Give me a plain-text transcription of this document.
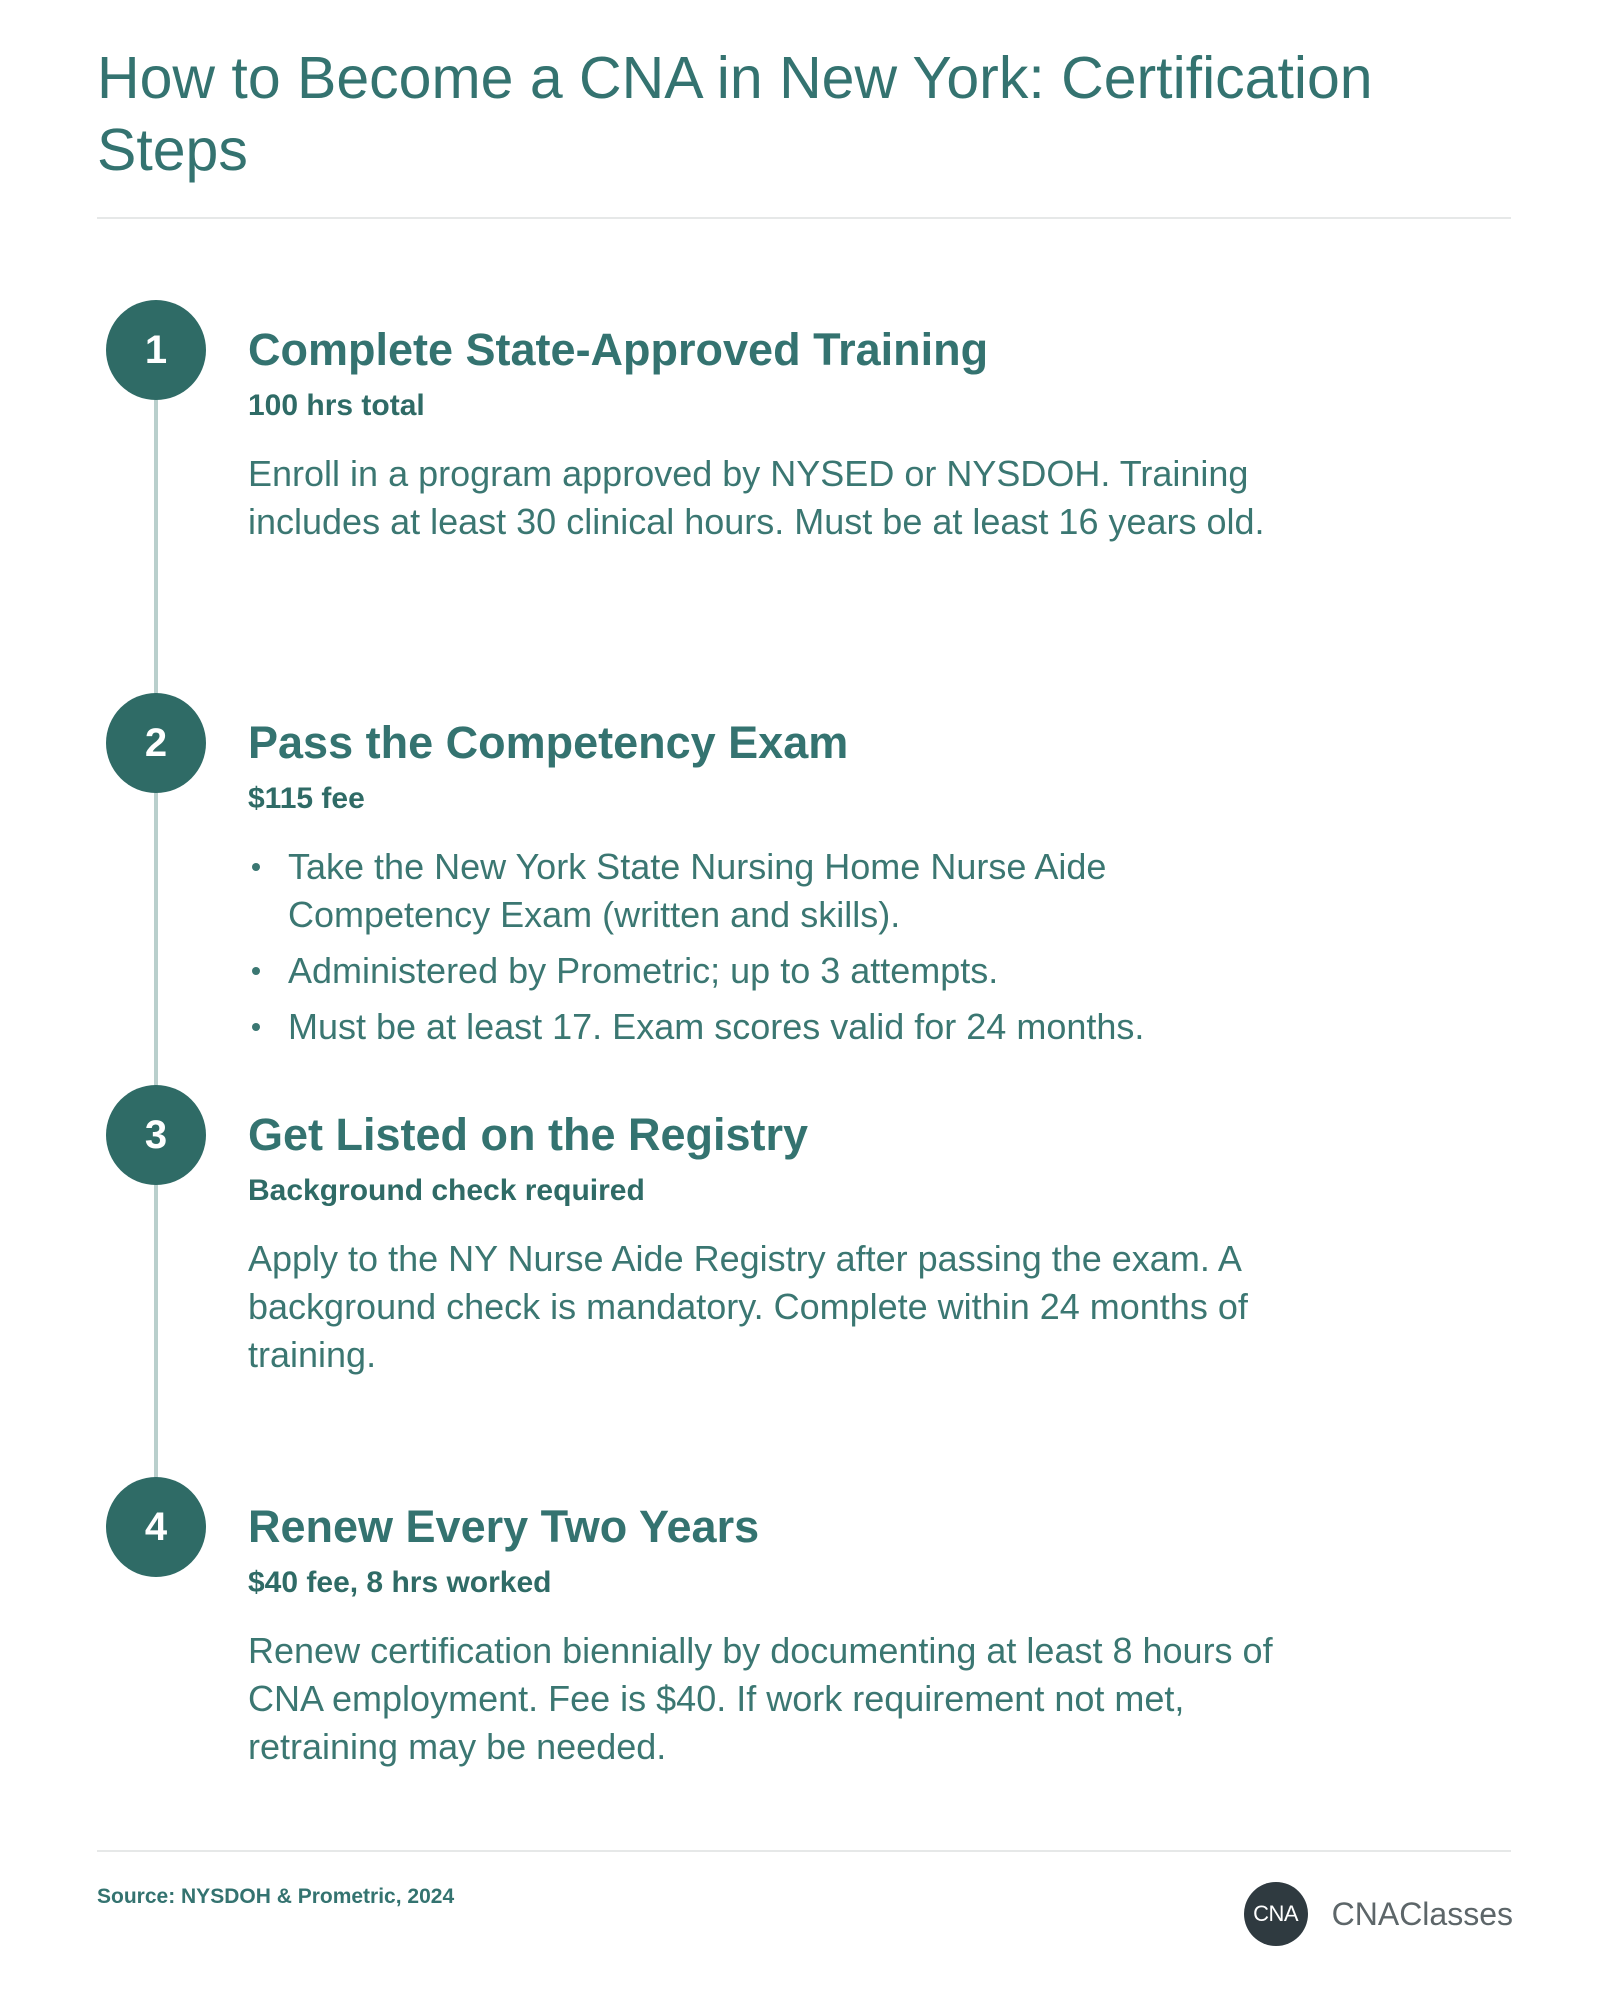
How to Become a CNA in New York: Certification Steps
1	Complete State-Approved Training

100 hrs total

Enroll in a program approved by NYSED or NYSDOH. Training includes at least 30 clinical hours. Must be at least 16 years old.

2	Pass the Competency Exam

$115 fee

Take the New York State Nursing Home Nurse Aide Competency Exam (written and skills).
Administered by Prometric; up to 3 attempts.
Must be at least 17. Exam scores valid for 24 months.
3	Get Listed on the Registry

Background check required

Apply to the NY Nurse Aide Registry after passing the exam. A background check is mandatory. Complete within 24 months of training.

4	Renew Every Two Years

$40 fee, 8 hrs worked

Renew certification biennially by documenting at least 8 hours of CNA employment. Fee is $40. If work requirement not met, retraining may be needed.

Source: NYSDOH & Prometric, 2024

CNA CNAClasses
